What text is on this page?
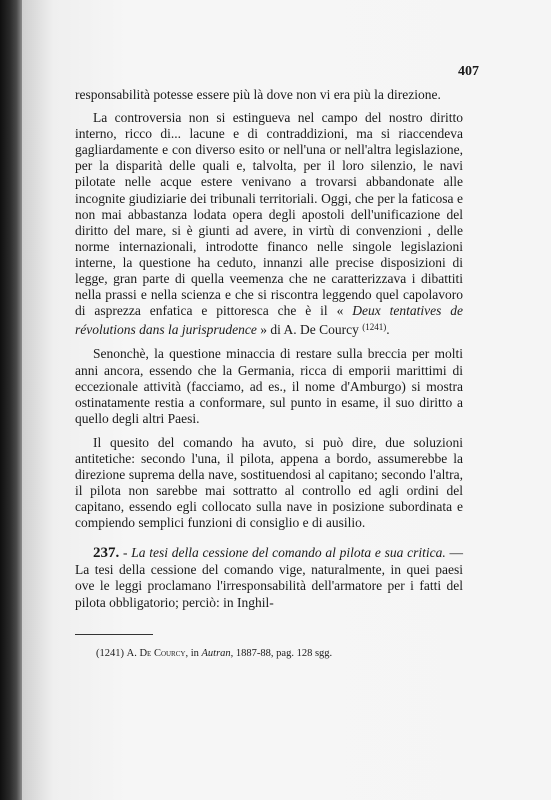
407

responsabilità potesse essere più là dove non vi era più la direzione.

La controversia non si estingueva nel campo del nostro diritto interno, ricco di... lacune e di contraddizioni, ma si riaccendeva gagliardamente e con diverso esito or nell'una or nell'altra legislazione, per la disparità delle quali e, talvolta, per il loro silenzio, le navi pilotate nelle acque estere venivano a trovarsi abbandonate alle incognite giudiziarie dei tribunali territoriali. Oggi, che per la faticosa e non mai abbastanza lodata opera degli apostoli dell'unificazione del diritto del mare, si è giunti ad avere, in virtù di convenzioni , delle norme internazionali, introdotte financo nelle singole legislazioni interne, la questione ha ceduto, innanzi alle precise disposizioni di legge, gran parte di quella veemenza che ne caratterizzava i dibattiti nella prassi e nella scienza e che si riscontra leggendo quel capolavoro di asprezza enfatica e pittoresca che è il « Deux tentatives de révolutions dans la jurisprudence » di A. De Courcy $^{(1241)}$.

Senonchè, la questione minaccia di restare sulla breccia per molti anni ancora, essendo che la Germania, ricca di emporii marittimi di eccezionale attività (facciamo, ad es., il nome d'Amburgo) si mostra ostinatamente restia a conformare, sul punto in esame, il suo diritto a quello degli altri Paesi.

Il quesito del comando ha avuto, si può dire, due soluzioni antitetiche: secondo l'una, il pilota, appena a bordo, assumerebbe la direzione suprema della nave, sostituendosi al capitano; secondo l'altra, il pilota non sarebbe mai sottratto al controllo ed agli ordini del capitano, essendo egli collocato sulla nave in posizione subordinata e compiendo semplici funzioni di consiglio e di ausilio.

237. - La tesi della cessione del comando al pilota e sua critica. — La tesi della cessione del comando vige, naturalmente, in quei paesi ove le leggi proclamano l'irresponsabilità dell'armatore per i fatti del pilota obbligatorio; perciò: in Inghil-
(1241) A. De Courcy, in Autran, 1887-88, pag. 128 sgg.
